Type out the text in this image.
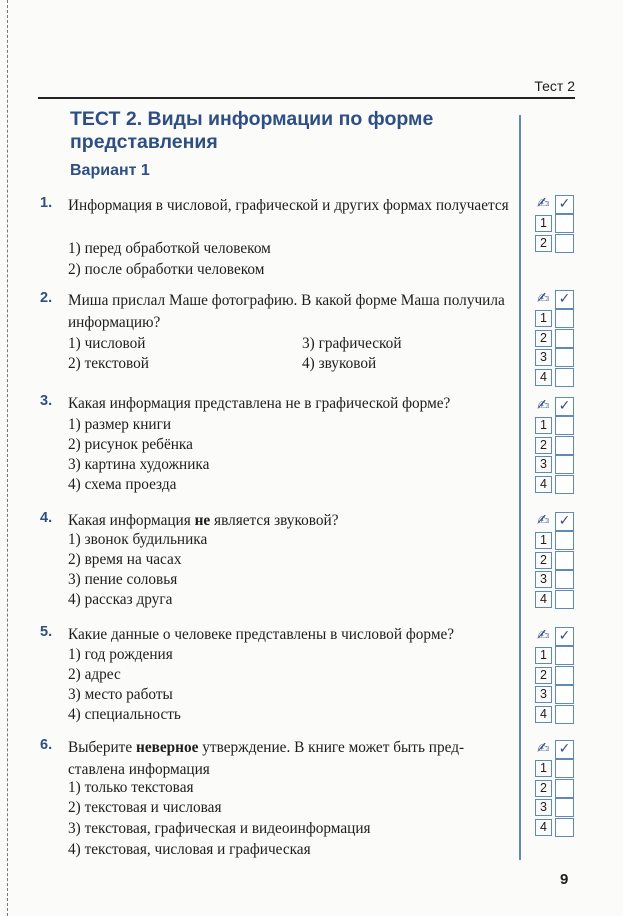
Тест 2
ТЕСТ 2. Виды информации по форме представления
Вариант 1
1. Информация в числовой, графической и других формах получается
1) перед обработкой человеком
2) после обработки человеком
✍ ✓
1
2
2. Миша прислал Маше фотографию. В какой форме Маша получила информацию?
1) числовой
2) текстовой
3) графической
4) звуковой
✍ ✓
1
2
3
4
3. Какая информация представлена не в графической форме?
1) размер книги
2) рисунок ребёнка
3) картина художника
4) схема проезда
✍ ✓
1
2
3
4
4. Какая информация не является звуковой?
1) звонок будильника
2) время на часах
3) пение соловья
4) рассказ друга
✍ ✓
1
2
3
4
5. Какие данные о человеке представлены в числовой форме?
1) год рождения
2) адрес
3) место работы
4) специальность
✍ ✓
1
2
3
4
6. Выберите неверное утверждение. В книге может быть представлена информация
1) только текстовая
2) текстовая и числовая
3) текстовая, графическая и видеоинформация
4) текстовая, числовая и графическая
✍ ✓
1
2
3
4
9
